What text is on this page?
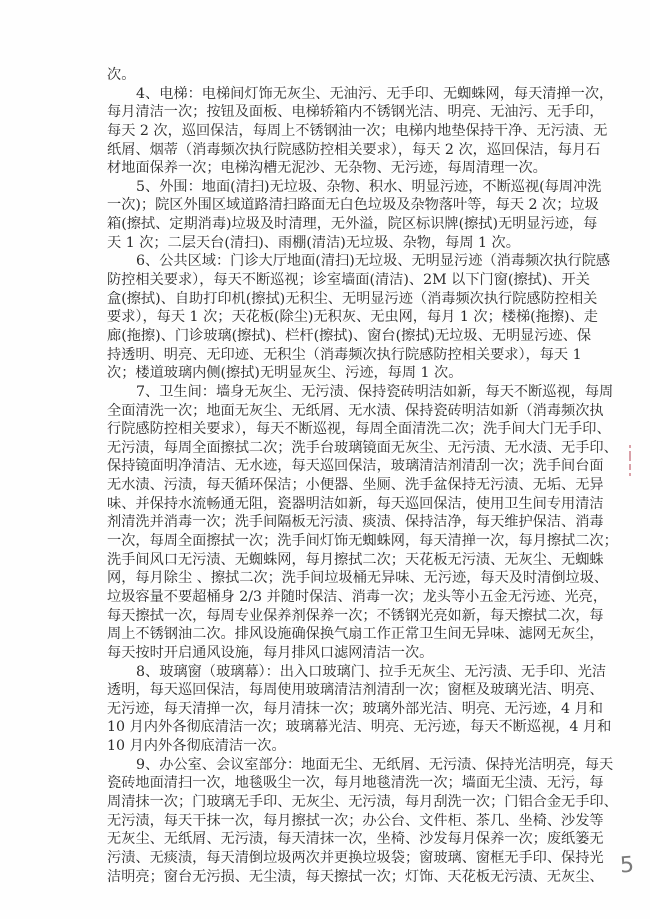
次。
4、电梯：电梯间灯饰无灰尘、无油污、无手印、无蜘蛛网，每天清掸一次，
每月清洁一次；按钮及面板、电梯轿箱内不锈钢光洁、明亮、无油污、无手印，
每天 2 次，巡回保洁，每周上不锈钢油一次；电梯内地垫保持干净、无污渍、无
纸屑、烟蒂（消毒频次执行院感防控相关要求），每天 2 次，巡回保洁，每月石
材地面保养一次；电梯沟槽无泥沙、无杂物、无污迹，每周清理一次。
5、外围：地面(清扫)无垃圾、杂物、积水、明显污迹，不断巡视(每周冲洗
一次)；院区外围区域道路清扫路面无白色垃圾及杂物落叶等，每天 2 次；垃圾
箱(擦拭、定期消毒)垃圾及时清理，无外溢，院区标识牌(擦拭)无明显污迹，每
天 1 次；二层天台(清扫)、雨棚(清洁)无垃圾、杂物，每周 1 次。
6、公共区域：门诊大厅地面(清扫)无垃圾、无明显污迹（消毒频次执行院感
防控相关要求），每天不断巡视；诊室墙面(清洁)、2M 以下门窗(擦拭)、开关
盒(擦拭)、自助打印机(擦拭)无积尘、无明显污迹（消毒频次执行院感防控相关
要求），每天 1 次；天花板(除尘)无积灰、无虫网，每月 1 次；楼梯(拖擦)、走
廊(拖擦)、门诊玻璃(擦拭)、栏杆(擦拭)、窗台(擦拭)无垃圾、无明显污迹、保
持透明、明亮、无印迹、无积尘（消毒频次执行院感防控相关要求），每天 1
次；楼道玻璃内侧(擦拭)无明显灰尘、污迹，每周 1 次。
7、卫生间：墙身无灰尘、无污渍、保持瓷砖明洁如新，每天不断巡视，每周
全面清洗一次；地面无灰尘、无纸屑、无水渍、保持瓷砖明洁如新（消毒频次执
行院感防控相关要求），每天不断巡视，每周全面清洗二次；洗手间大门无手印、
无污渍，每周全面擦拭二次；洗手台玻璃镜面无灰尘、无污渍、无水渍、无手印、
保持镜面明净清洁、无水迹，每天巡回保洁，玻璃清洁剂清刮一次；洗手间台面
无水渍、污渍，每天循环保洁；小便器、坐厕、洗手盆保持无污渍、无垢、无异
味、并保持水流畅通无阻，瓷器明洁如新，每天巡回保洁，使用卫生间专用清洁
剂清洗并消毒一次；洗手间隔板无污渍、痰渍、保持洁净，每天维护保洁、消毒
一次，每周全面擦拭一次；洗手间灯饰无蜘蛛网，每天清掸一次，每月擦拭二次；
洗手间风口无污渍、无蜘蛛网，每月擦拭二次；天花板无污渍、无灰尘、无蜘蛛
网，每月除尘 、擦拭二次；洗手间垃圾桶无异味、无污迹，每天及时清倒垃圾、
垃圾容量不要超桶身 2/3 并随时保洁、消毒一次；龙头等小五金无污迹、光亮，
每天擦拭一次，每周专业保养剂保养一次；不锈钢光亮如新，每天擦拭二次，每
周上不锈钢油二次。排风设施确保换气扇工作正常卫生间无异味、滤网无灰尘，
每天按时开启通风设施，每月排风口滤网清洁一次。
8、玻璃窗（玻璃幕）：出入口玻璃门、拉手无灰尘、无污渍、无手印、光洁
透明，每天巡回保洁，每周使用玻璃清洁剂清刮一次；窗框及玻璃光洁、明亮、
无污迹，每天清掸一次，每月清抹一次；玻璃外部光洁、明亮、无污迹，4 月和
10 月内外各彻底清洁一次；玻璃幕光洁、明亮、无污迹，每天不断巡视，4 月和
10 月内外各彻底清洁一次。
9、办公室、会议室部分：地面无尘、无纸屑、无污渍、保持光洁明亮，每天
瓷砖地面清扫一次，地毯吸尘一次，每月地毯清洗一次；墙面无尘渍、无污，每
周清抹一次；门玻璃无手印、无灰尘、无污渍，每月刮洗一次；门铝合金无手印、
无污渍，每天干抹一次，每月擦拭一次；办公台、文件柜、茶几、坐椅、沙发等
无灰尘、无纸屑、无污渍，每天清抹一次，坐椅、沙发每月保养一次；废纸篓无
污渍、无痰渍，每天清倒垃圾两次并更换垃圾袋；窗玻璃、窗框无手印、保持光
洁明亮；窗台无污损、无尘渍，每天擦拭一次；灯饰、天花板无污渍、无灰尘、 5
